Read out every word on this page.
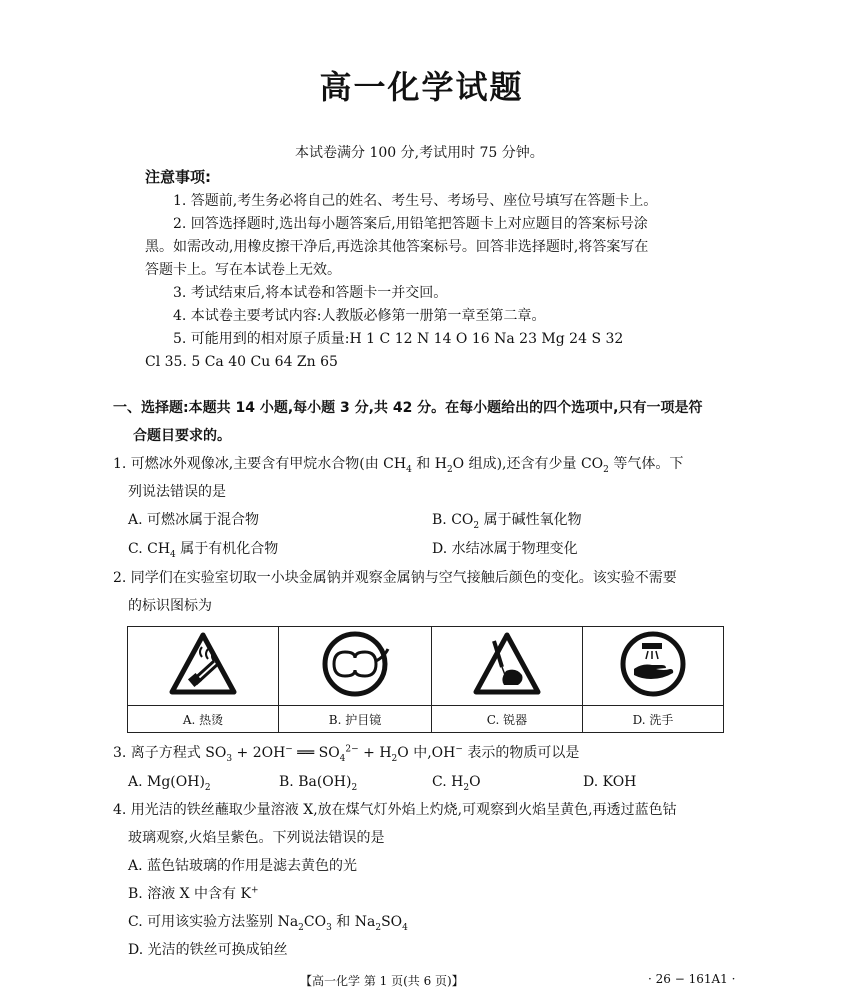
高一化学试题
本试卷满分 100 分,考试用时 75 分钟。
注意事项:
1. 答题前,考生务必将自己的姓名、考生号、考场号、座位号填写在答题卡上。
2. 回答选择题时,选出每小题答案后,用铅笔把答题卡上对应题目的答案标号涂
黑。如需改动,用橡皮擦干净后,再选涂其他答案标号。回答非选择题时,将答案写在
答题卡上。写在本试卷上无效。
3. 考试结束后,将本试卷和答题卡一并交回。
4. 本试卷主要考试内容:人教版必修第一册第一章至第二章。
5. 可能用到的相对原子质量:H 1 C 12 N 14 O 16 Na 23 Mg 24 S 32
Cl 35. 5 Ca 40 Cu 64 Zn 65
一、选择题:本题共 14 小题,每小题 3 分,共 42 分。在每小题给出的四个选项中,只有一项是符
合题目要求的。
1. 可燃冰外观像冰,主要含有甲烷水合物(由 $CH_4$ 和 $H_2O$ 组成),还含有少量 $CO_2$ 等气体。下
列说法错误的是
A. 可燃冰属于混合物	B. $CO_2$ 属于碱性氧化物
C. $CH_4$ 属于有机化合物	D. 水结冰属于物理变化
2. 同学们在实验室切取一小块金属钠并观察金属钠与空气接触后颜色的变化。该实验不需要
的标识图标为

A. 热烫	B. 护目镜	C. 锐器	D. 洗手
3. 离子方程式 $SO_3 + 2OH^-$ ══ $SO_4^{2-} + H_2O$ 中,OH− 表示的物质可以是
A. $Mg(OH)_2$	B. $Ba(OH)_2$	C. $H_2O$	D. KOH
4. 用光洁的铁丝蘸取少量溶液 X,放在煤气灯外焰上灼烧,可观察到火焰呈黄色,再透过蓝色钴
玻璃观察,火焰呈紫色。下列说法错误的是
A. 蓝色钴玻璃的作用是滤去黄色的光
B. 溶液 X 中含有 K+
C. 可用该实验方法鉴别 $Na_2CO_3$ 和 $Na_2SO_4$
D. 光洁的铁丝可换成铂丝
【高一化学 第 1 页(共 6 页)】	· 26 − 161A1 ·
